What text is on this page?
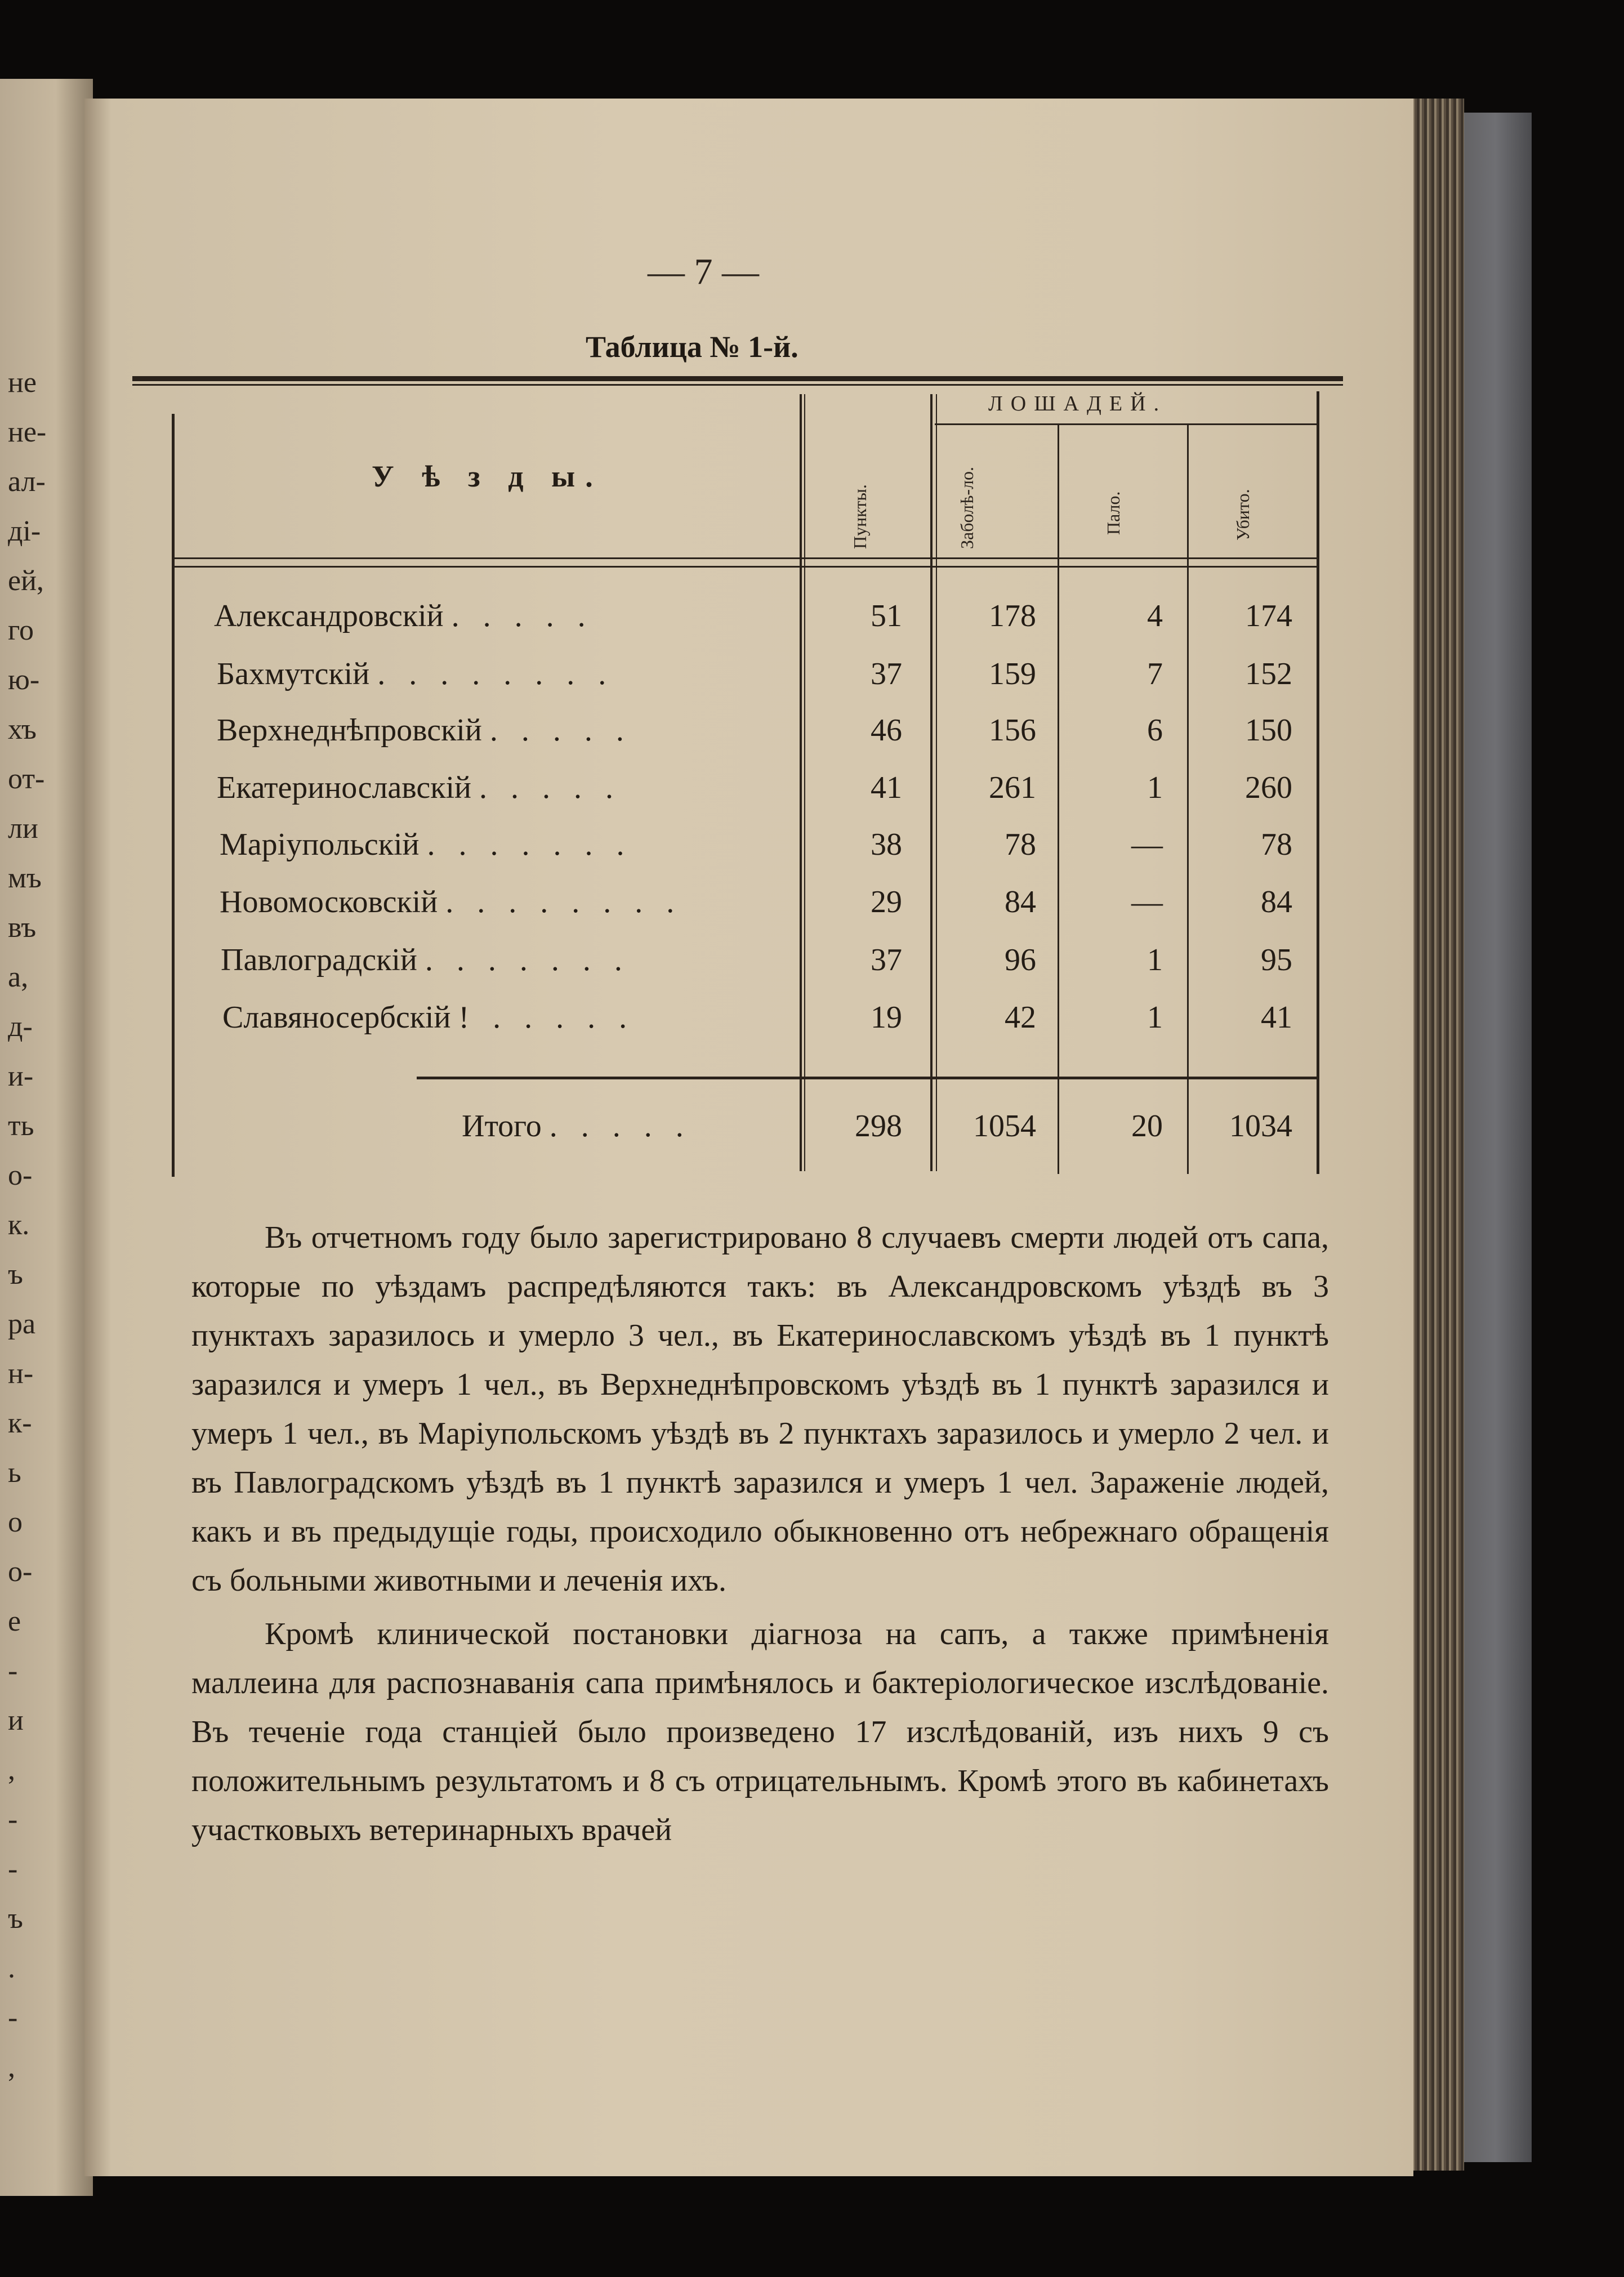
не
не-
ал-
ді-
ей,
го
ю-
хъ
от-
ли
мъ
въ
а,
д-
и-
ть
о-
к.
ъ
ра
н-
к-
ь
о
о-
е
-
и
,
-
-
ъ
.
-
,
— 7 —
Таблица № 1-й.
У ѣ з д ы.
ЛОШАДЕЙ.
Пункты.	Заболѣ-ло.	Пало.	Убито.
Александровскій . . . . .	51	178	4	174
Бахмутскій . . . . . . . .	37	159	7	152
Верхнеднѣпровскій . . . . .	46	156	6	150
Екатеринославскій . . . . .	41	261	1	260
Маріупольскій . . . . . . .	38	78	—	78
Новомосковскій . . . . . . . .	29	84	—	84
Павлоградскій . . . . . . .	37	96	1	95
Славяносербскій ! . . . . .	19	42	1	41
Итого . . . . .	298	1054	20	1034

Въ отчетномъ году было зарегистрировано 8 случаевъ смерти людей отъ сапа, которые по уѣздамъ распредѣляются такъ: въ Александровскомъ уѣздѣ въ 3 пунктахъ заразилось и умерло 3 чел., въ Екатеринославскомъ уѣздѣ въ 1 пунктѣ заразился и умеръ 1 чел., въ Верхнеднѣпровскомъ уѣздѣ въ 1 пунктѣ заразился и умеръ 1 чел., въ Маріупольскомъ уѣздѣ въ 2 пунктахъ заразилось и умерло 2 чел. и въ Павлоградскомъ уѣздѣ въ 1 пунктѣ заразился и умеръ 1 чел. Зараженіе людей, какъ и въ предыдущіе годы, происходило обыкновенно отъ небрежнаго обращенія съ больными животными и леченія ихъ.

Кромѣ клинической постановки діагноза на сапъ, а также примѣненія маллеина для распознаванія сапа примѣнялось и бактеріологическое изслѣдованіе. Въ теченіе года станціей было произведено 17 изслѣдованій, изъ нихъ 9 съ положительнымъ результатомъ и 8 съ отрицательнымъ. Кромѣ этого въ кабинетахъ участковыхъ ветеринарныхъ врачей
